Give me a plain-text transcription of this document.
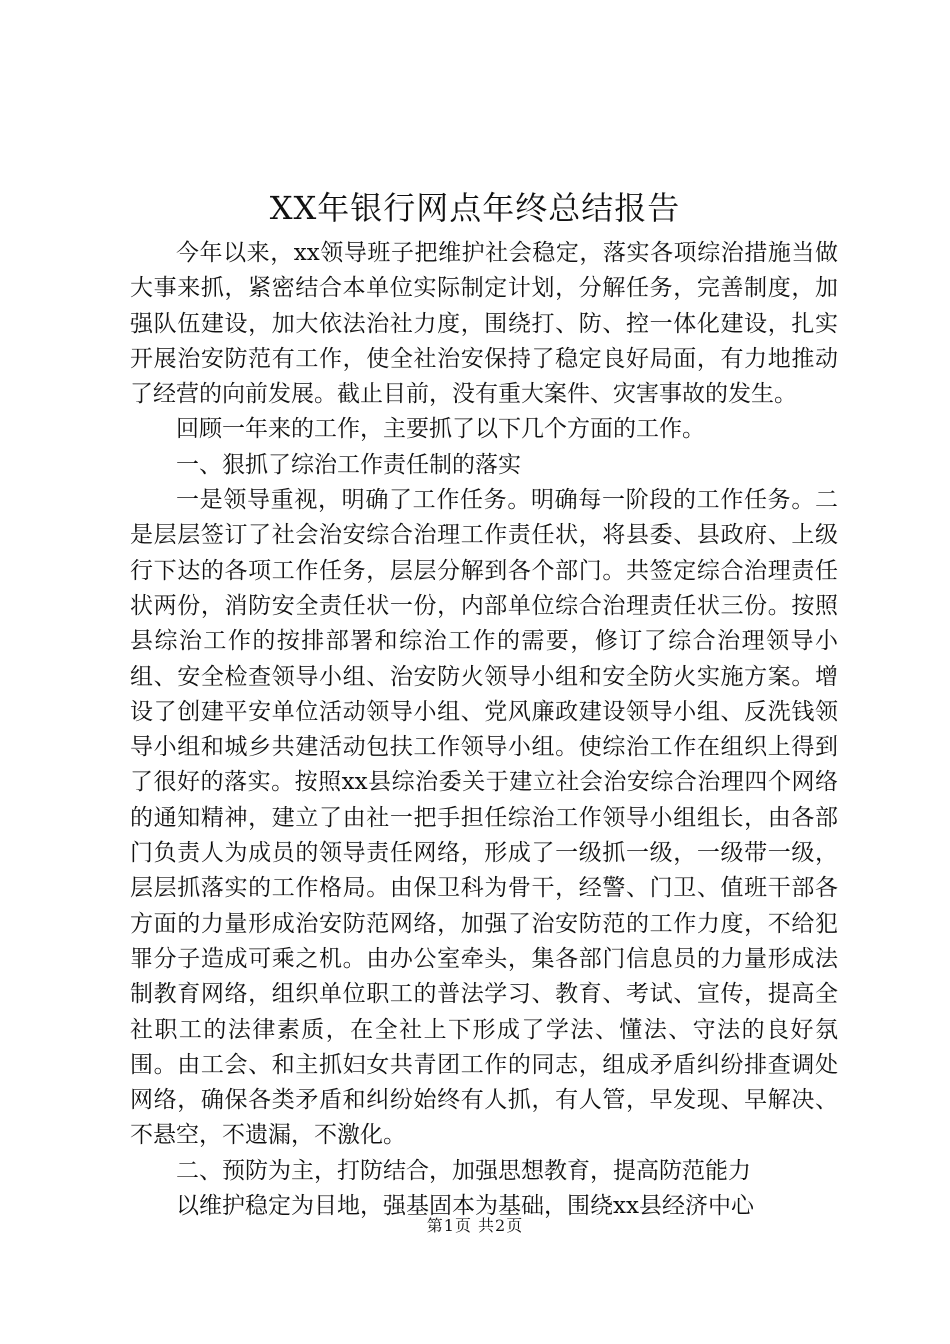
XX年银行网点年终总结报告

今年以来，xx领导班子把维护社会稳定，落实各项综治措施当做大事来抓，紧密结合本单位实际制定计划，分解任务，完善制度，加强队伍建设，加大依法治社力度，围绕打、防、控一体化建设，扎实开展治安防范有工作，使全社治安保持了稳定良好局面，有力地推动了经营的向前发展。截止目前，没有重大案件、灾害事故的发生。

回顾一年来的工作，主要抓了以下几个方面的工作。

一、狠抓了综治工作责任制的落实

一是领导重视，明确了工作任务。明确每一阶段的工作任务。二是层层签订了社会治安综合治理工作责任状，将县委、县政府、上级行下达的各项工作任务，层层分解到各个部门。共签定综合治理责任状两份，消防安全责任状一份，内部单位综合治理责任状三份。按照县综治工作的按排部署和综治工作的需要，修订了综合治理领导小组、安全检查领导小组、治安防火领导小组和安全防火实施方案。增设了创建平安单位活动领导小组、党风廉政建设领导小组、反洗钱领导小组和城乡共建活动包扶工作领导小组。使综治工作在组织上得到了很好的落实。按照xx县综治委关于建立社会治安综合治理四个网络的通知精神，建立了由社一把手担任综治工作领导小组组长，由各部门负责人为成员的领导责任网络，形成了一级抓一级，一级带一级，层层抓落实的工作格局。由保卫科为骨干，经警、门卫、值班干部各方面的力量形成治安防范网络，加强了治安防范的工作力度，不给犯罪分子造成可乘之机。由办公室牵头，集各部门信息员的力量形成法制教育网络，组织单位职工的普法学习、教育、考试、宣传，提高全社职工的法律素质，在全社上下形成了学法、懂法、守法的良好氛围。由工会、和主抓妇女共青团工作的同志，组成矛盾纠纷排查调处网络，确保各类矛盾和纠纷始终有人抓，有人管，早发现、早解决、不悬空，不遗漏，不激化。

二、预防为主，打防结合，加强思想教育，提高防范能力

以维护稳定为目地，强基固本为基础，围绕xx县经济中心

第1页 共2页
